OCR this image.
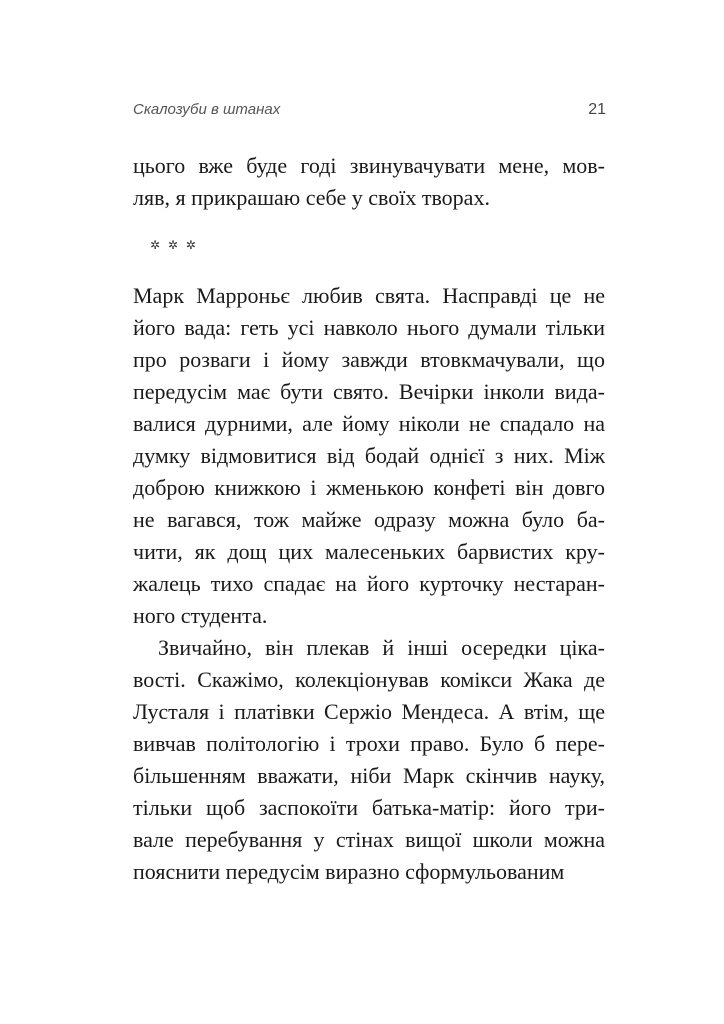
Скалозуби в штанах	21
цього вже буде годі звинувачувати мене, мов-
ляв, я прикрашаю себе у своїх творах.
✲ ✲ ✲
Марк Марроньє любив свята. Насправді це не
його вада: геть усі навколо нього думали тільки
про розваги і йому завжди втовкмачували, що
передусім має бути свято. Вечірки інколи вида-
валися дурними, але йому ніколи не спадало на
думку відмовитися від бодай однієї з них. Між
доброю книжкою і жменькою конфеті він довго
не вагався, тож майже одразу можна було ба-
чити, як дощ цих малесеньких барвистих кру-
жалець тихо спадає на його курточку нестаран-
ного студента.
Звичайно, він плекав й інші осередки ціка-
вості. Скажімо, колекціонував комікси Жака де
Лусталя і платівки Сержіо Мендеса. А втім, ще
вивчав політологію і трохи право. Було б пере-
більшенням вважати, ніби Марк скінчив науку,
тільки щоб заспокоїти батька-матір: його три-
вале перебування у стінах вищої школи можна
пояснити передусім виразно сформульованим
